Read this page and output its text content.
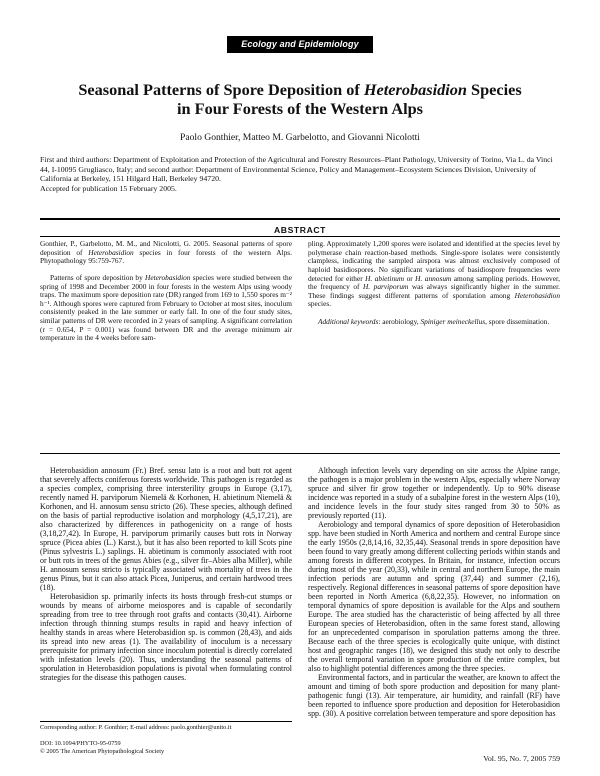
Ecology and Epidemiology
Seasonal Patterns of Spore Deposition of Heterobasidion Species
in Four Forests of the Western Alps
Paolo Gonthier, Matteo M. Garbelotto, and Giovanni Nicolotti
First and third authors: Department of Exploitation and Protection of the Agricultural and Forestry Resources–Plant Pathology, University of Torino, Via L. da Vinci 44, I-10095 Grugliasco, Italy; and second author: Department of Environmental Science, Policy and Management–Ecosystem Sciences Division, University of California at Berkeley, 151 Hilgard Hall, Berkeley 94720.
Accepted for publication 15 February 2005.
ABSTRACT

Gonthier, P., Garbelotto, M. M., and Nicolotti, G. 2005. Seasonal patterns of spore deposition of Heterobasidion species in four forests of the western Alps. Phytopathology 95:759-767.

Patterns of spore deposition by Heterobasidion species were studied between the spring of 1998 and December 2000 in four forests in the western Alps using woody traps. The maximum spore deposition rate (DR) ranged from 169 to 1,550 spores m⁻² h⁻¹. Although spores were captured from February to October at most sites, inoculum consistently peaked in the late summer or early fall. In one of the four study sites, similar patterns of DR were recorded in 2 years of sampling. A significant correlation (r = 0.654, P = 0.001) was found between DR and the average minimum air temperature in the 4 weeks before sam-

pling. Approximately 1,200 spores were isolated and identified at the species level by polymerase chain reaction-based methods. Single-spore isolates were consistently clampless, indicating the sampled airspora was almost exclusively composed of haploid basidiospores. No significant variations of basidiospore frequencies were detected for either H. abietinum or H. annosum among sampling periods. However, the frequency of H. parviporum was always significantly higher in the summer. These findings suggest different patterns of sporulation among Heterobasidion species.

Additional keywords: aerobiology, Spiniger meineckellus, spore dissemination.

Heterobasidion annosum (Fr.) Bref. sensu lato is a root and butt rot agent that severely affects coniferous forests worldwide. This pathogen is regarded as a species complex, comprising three intersterility groups in Europe (3,17), recently named H. parviporum Niemelä & Korhonen, H. abietinum Niemelä & Korhonen, and H. annosum sensu stricto (26). These species, although defined on the basis of partial reproductive isolation and morphology (4,5,17,21), are also characterized by differences in pathogenicity on a range of hosts (3,18,27,42). In Europe, H. parviporum primarily causes butt rots in Norway spruce (Picea abies (L.) Karst.), but it has also been reported to kill Scots pine (Pinus sylvestris L.) saplings. H. abietinum is commonly associated with root or butt rots in trees of the genus Abies (e.g., silver fir–Abies alba Miller), while H. annosum sensu stricto is typically associated with mortality of trees in the genus Pinus, but it can also attack Picea, Juniperus, and certain hardwood trees (18).

Heterobasidion sp. primarily infects its hosts through fresh-cut stumps or wounds by means of airborne meiospores and is capable of secondarily spreading from tree to tree through root grafts and contacts (30,41). Airborne infection through thinning stumps results in rapid and heavy infection of healthy stands in areas where Heterobasidion sp. is common (28,43), and aids its spread into new areas (1). The availability of inoculum is a necessary prerequisite for primary infection since inoculum potential is directly correlated with infestation levels (20). Thus, understanding the seasonal patterns of sporulation in Heterobasidion populations is pivotal when formulating control strategies for the disease this pathogen causes.

Although infection levels vary depending on site across the Alpine range, the pathogen is a major problem in the western Alps, especially where Norway spruce and silver fir grow together or independently. Up to 90% disease incidence was reported in a study of a subalpine forest in the western Alps (10), and incidence levels in the four study sites ranged from 30 to 50% as previously reported (11).

Aerobiology and temporal dynamics of spore deposition of Heterobasidion spp. have been studied in North America and northern and central Europe since the early 1950s (2,8,14,16, 32,35,44). Seasonal trends in spore deposition have been found to vary greatly among different collecting periods within stands and among forests in different ecotypes. In Britain, for instance, infection occurs during most of the year (20,33), while in central and northern Europe, the main infection periods are autumn and spring (37,44) and summer (2,16), respectively. Regional differences in seasonal patterns of spore deposition have been reported in North America (6,8,22,35). However, no information on temporal dynamics of spore deposition is available for the Alps and southern Europe. The area studied has the characteristic of being affected by all three European species of Heterobasidion, often in the same forest stand, allowing for an unprecedented comparison in sporulation patterns among the three. Because each of the three species is ecologically quite unique, with distinct host and geographic ranges (18), we designed this study not only to describe the overall temporal variation in spore production of the entire complex, but also to highlight potential differences among the three species.

Environmental factors, and in particular the weather, are known to affect the amount and timing of both spore production and deposition for many plant-pathogenic fungi (13). Air temperature, air humidity, and rainfall (RF) have been reported to influence spore production and deposition for Heterobasidion spp. (30). A positive correlation between temperature and spore deposition has

Corresponding author: P. Gonthier; E-mail address: paolo.gonthier@unito.it
DOI: 10.1094/PHYTO-95-0759
© 2005 The American Phytopathological Society
Vol. 95, No. 7, 2005 759
